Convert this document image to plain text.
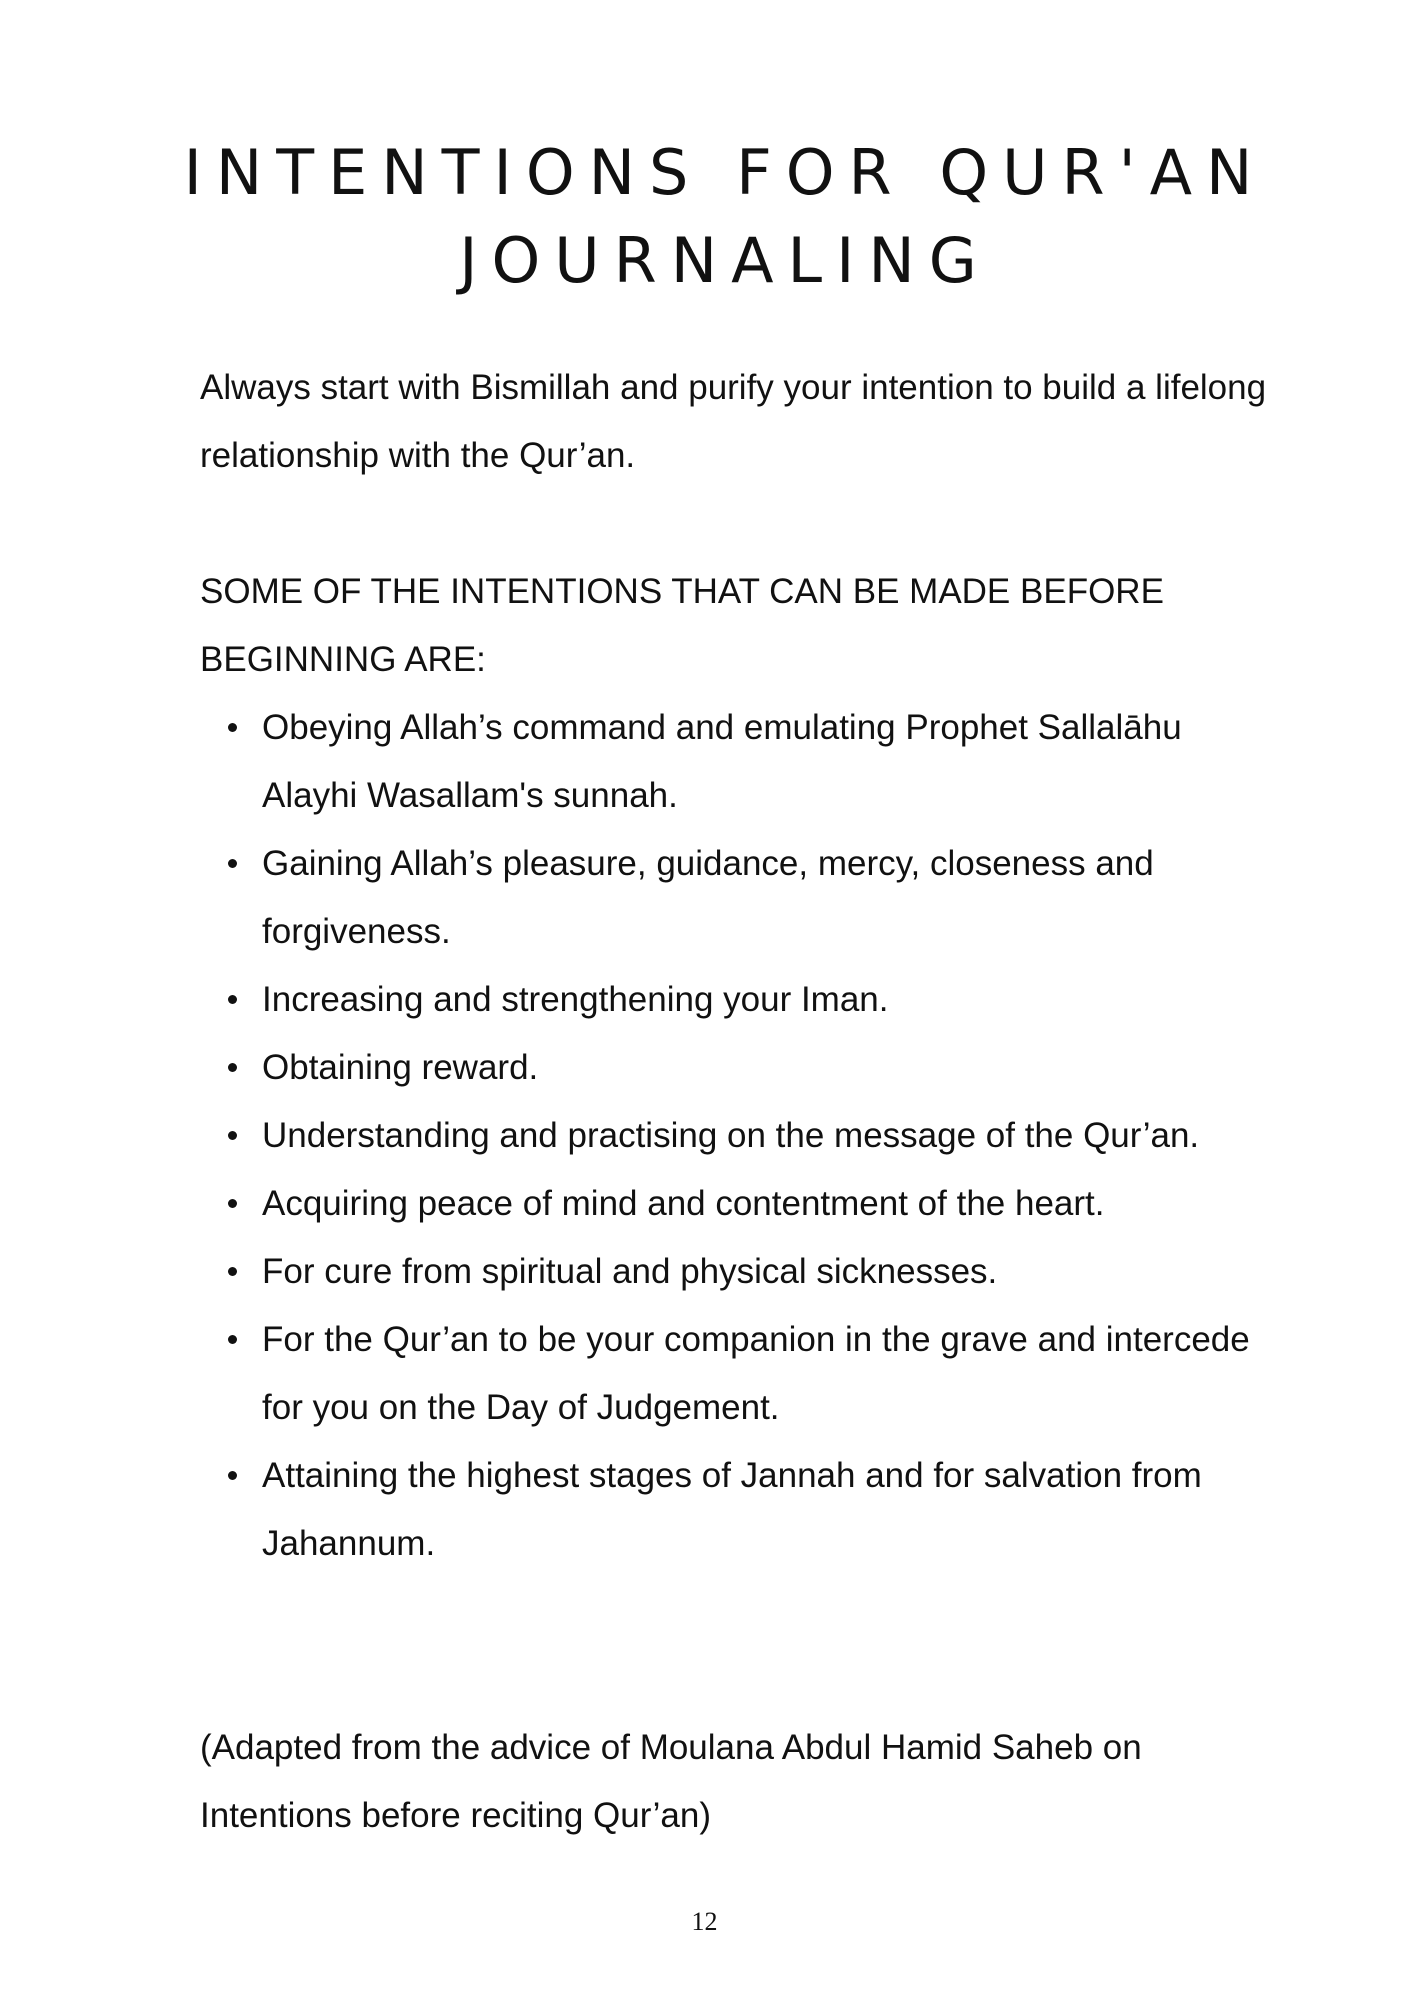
INTENTIONS FOR QUR'AN
JOURNALING

Always start with Bismillah and purify your intention to build a lifelong relationship with the Qur’an.

SOME OF THE INTENTIONS THAT CAN BE MADE BEFORE BEGINNING ARE:

Obeying Allah’s command and emulating Prophet Sallalāhu Alayhi Wasallam's sunnah.
Gaining Allah’s pleasure, guidance, mercy, closeness and forgiveness.
Increasing and strengthening your Iman.
Obtaining reward.
Understanding and practising on the message of the Qur’an.
Acquiring peace of mind and contentment of the heart.
For cure from spiritual and physical sicknesses.
For the Qur’an to be your companion in the grave and intercede for you on the Day of Judgement.
Attaining the highest stages of Jannah and for salvation from Jahannum.

(Adapted from the advice of Moulana Abdul Hamid Saheb on Intentions before reciting Qur’an)

12
